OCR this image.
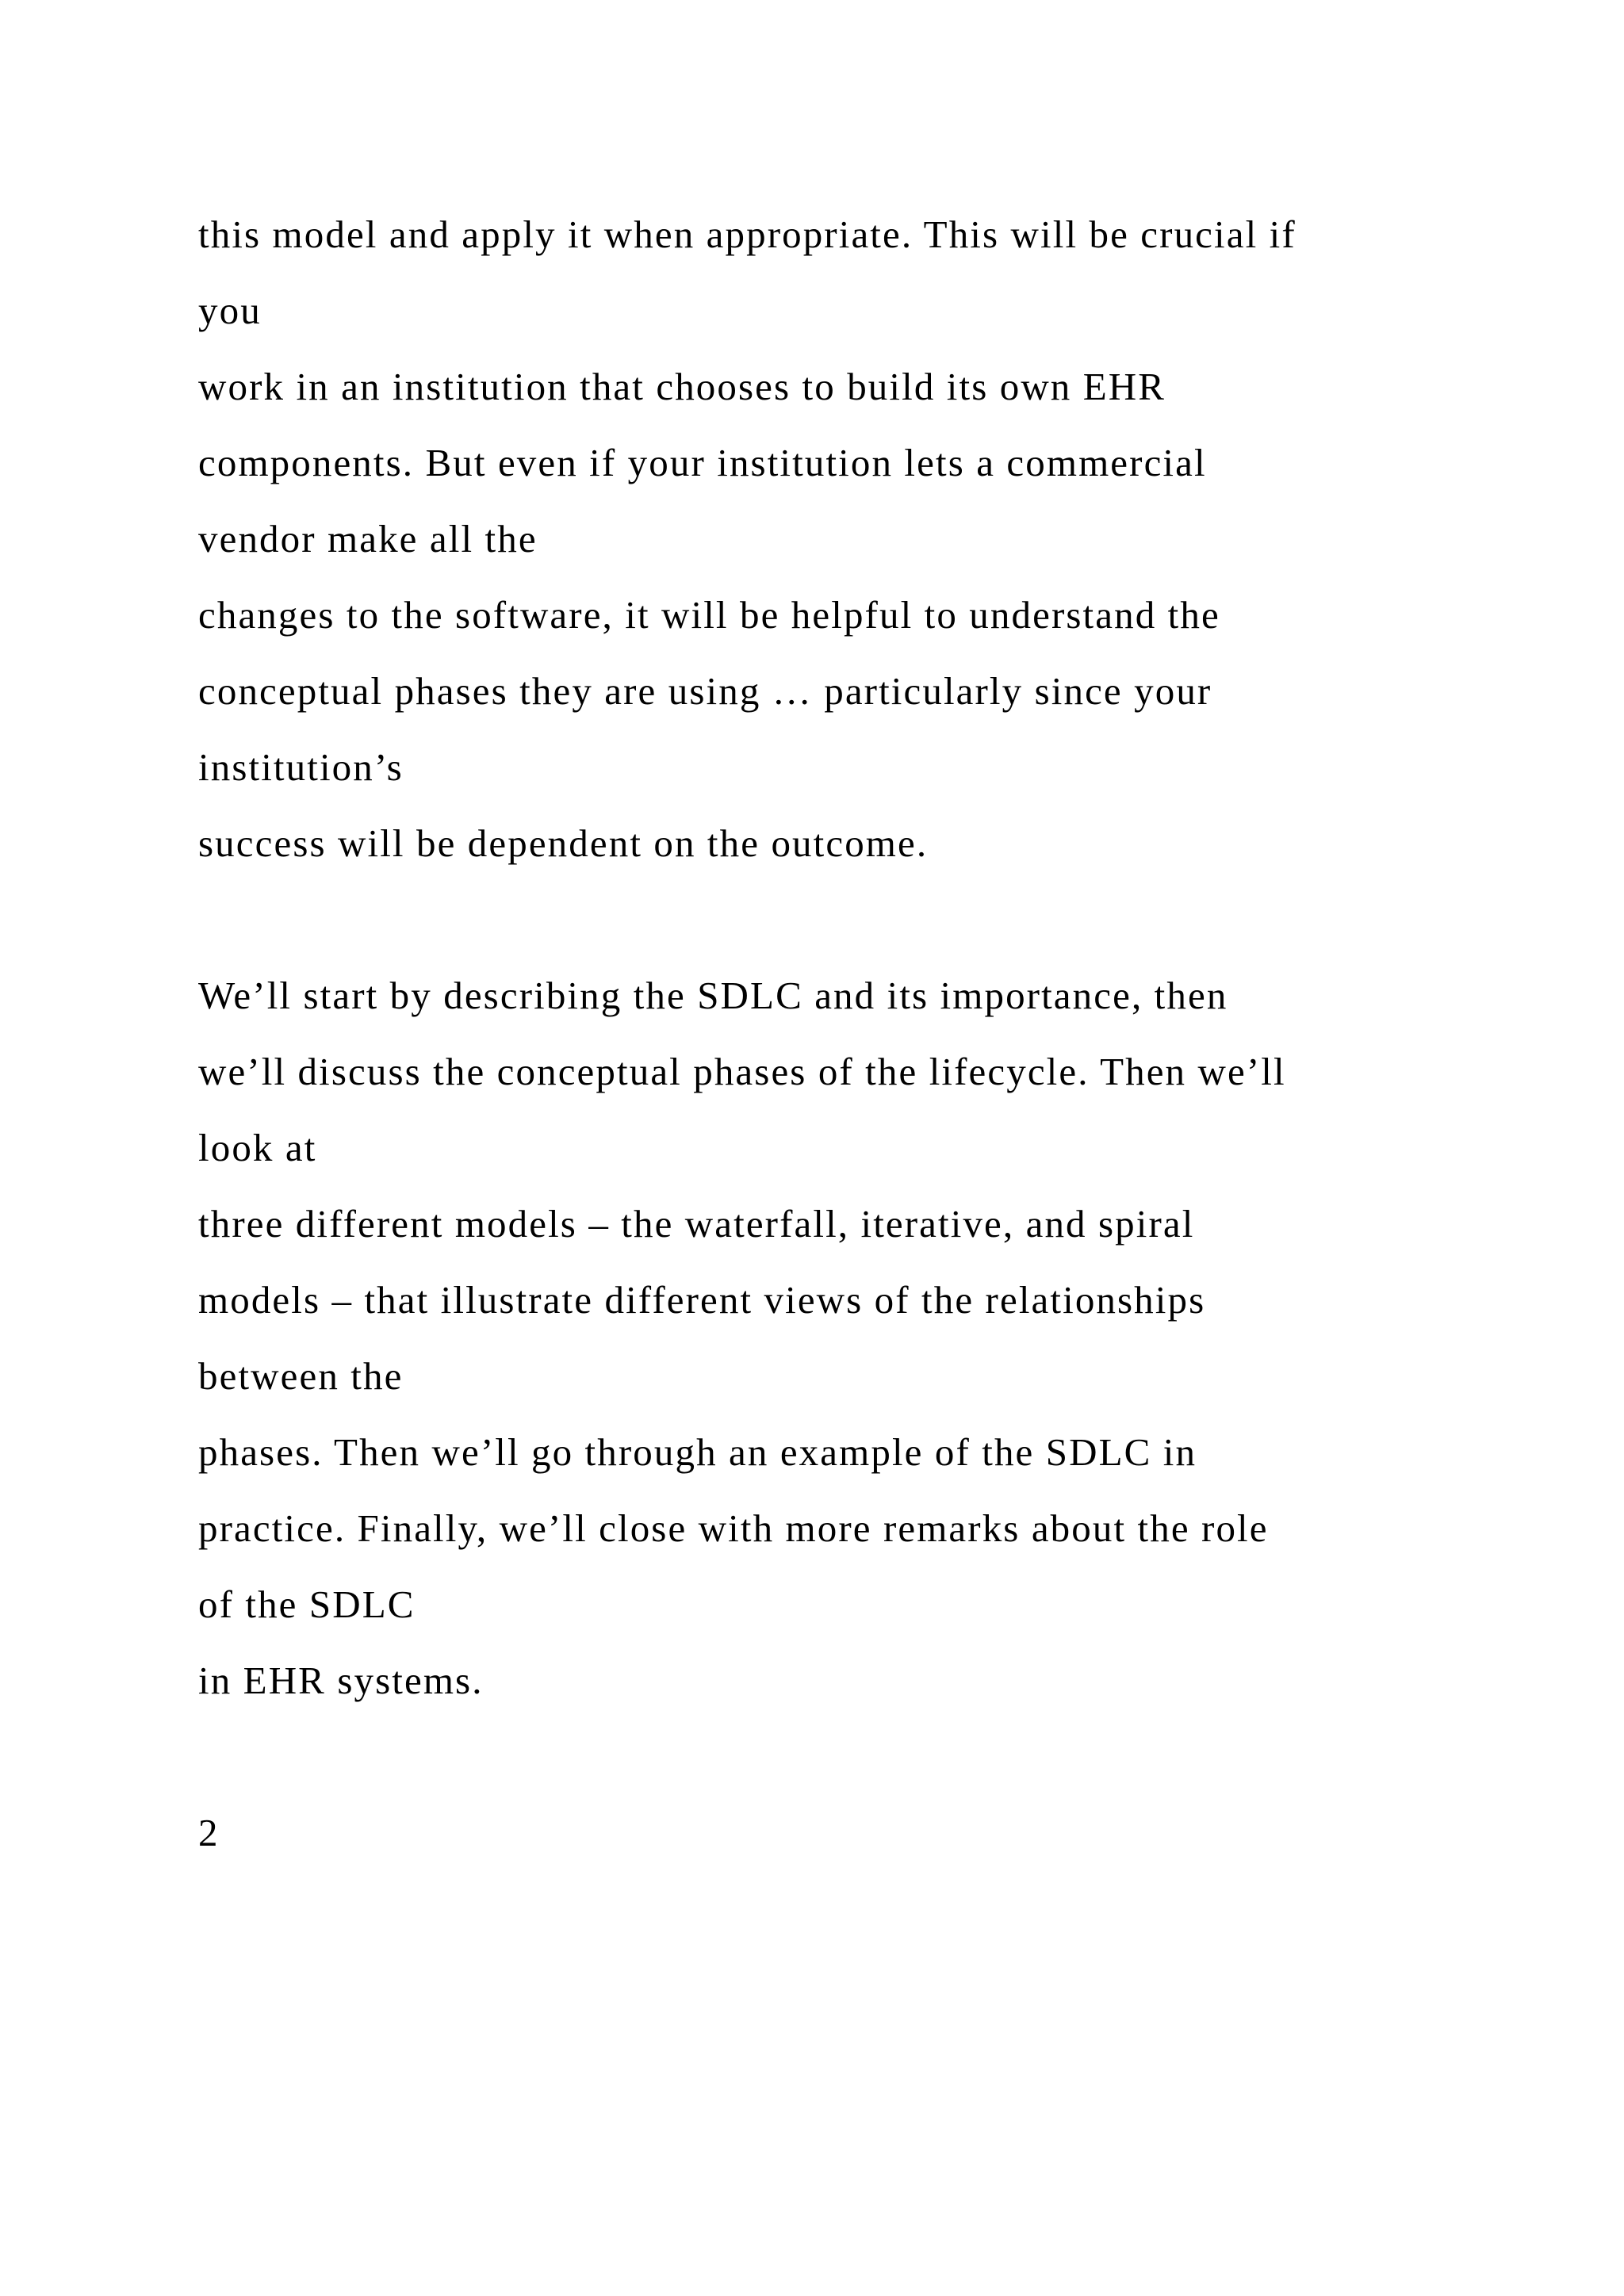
this model and apply it when appropriate. This will be crucial if
you
work in an institution that chooses to build its own EHR
components. But even if your institution lets a commercial
vendor make all the
changes to the software, it will be helpful to understand the
conceptual phases they are using … particularly since your
institution’s
success will be dependent on the outcome.
We’ll start by describing the SDLC and its importance, then
we’ll discuss the conceptual phases of the lifecycle. Then we’ll
look at
three different models – the waterfall, iterative, and spiral
models – that illustrate different views of the relationships
between the
phases. Then we’ll go through an example of the SDLC in
practice. Finally, we’ll close with more remarks about the role
of the SDLC
in EHR systems.
2
